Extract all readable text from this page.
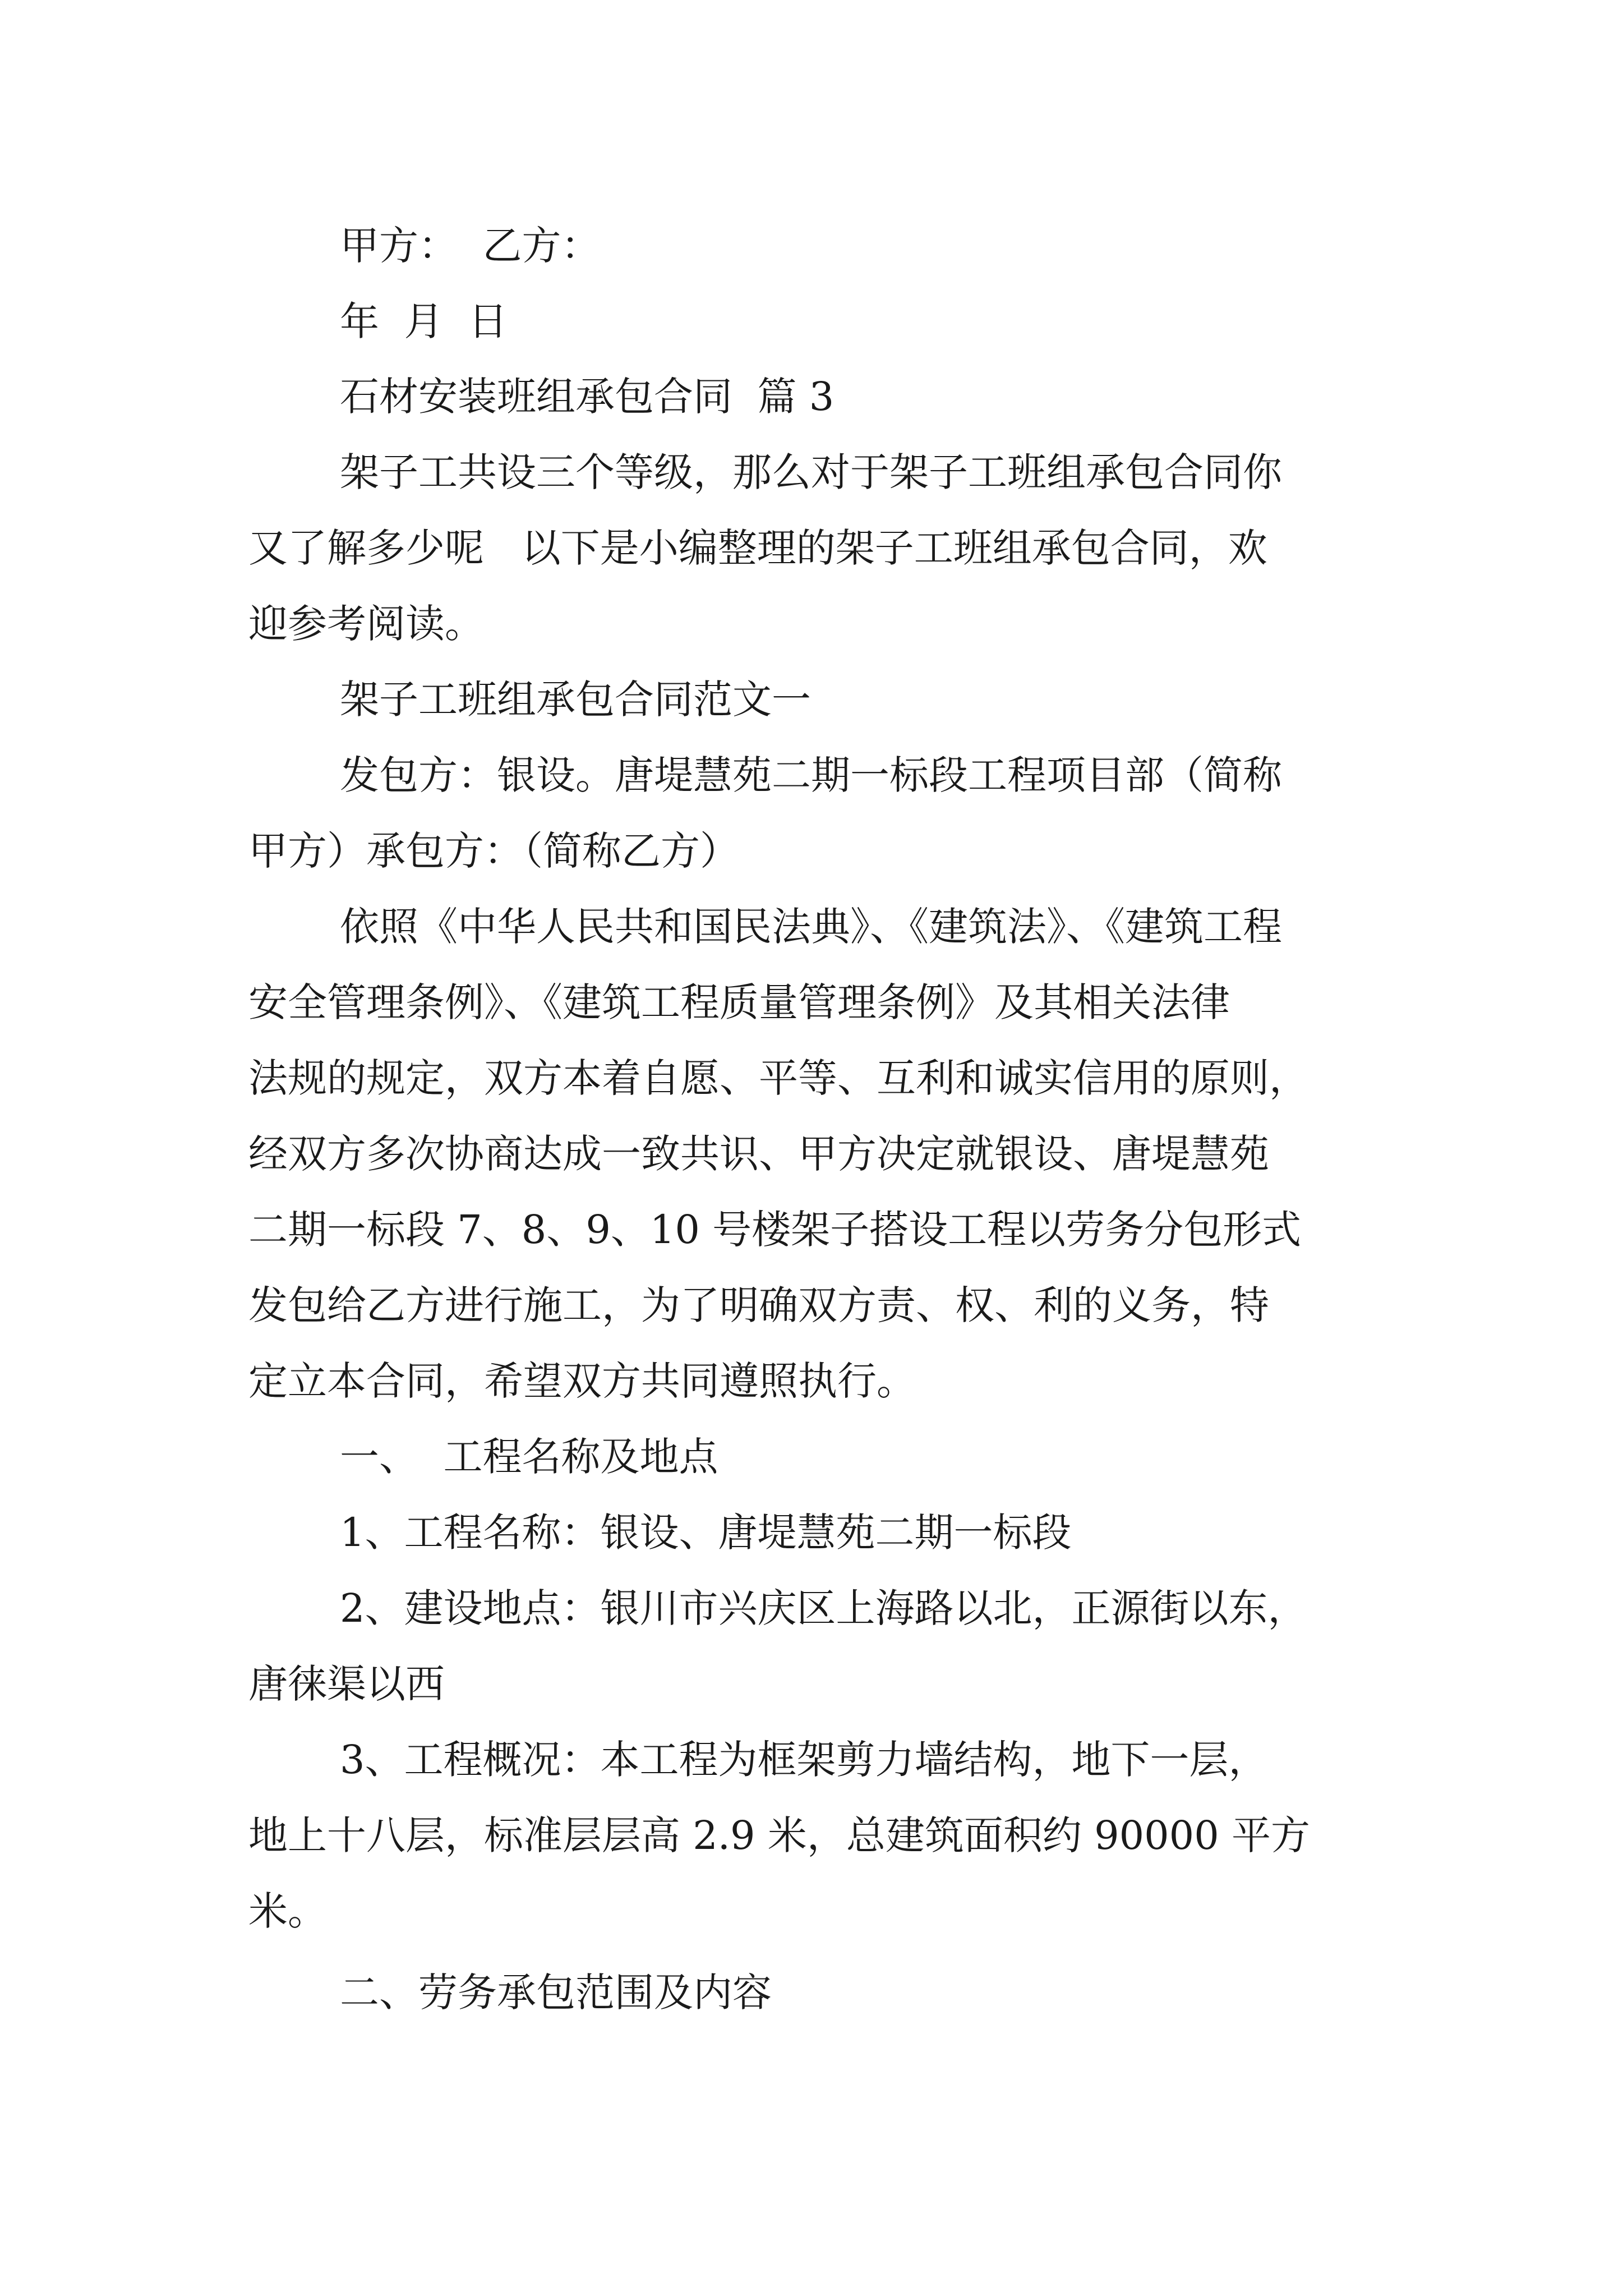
甲方：  乙方：
年  月  日
石材安装班组承包合同  篇 3
架子工共设三个等级，那么对于架子工班组承包合同你
又了解多少呢   以下是小编整理的架子工班组承包合同，欢
迎参考阅读。
架子工班组承包合同范文一
发包方：银设。唐堤慧苑二期一标段工程项目部（简称
甲方）承包方：（简称乙方）
依照《中华人民共和国民法典》、《建筑法》、《建筑工程
安全管理条例》、《建筑工程质量管理条例》及其相关法律
法规的规定，双方本着自愿、平等、互利和诚实信用的原则，
经双方多次协商达成一致共识、甲方决定就银设、唐堤慧苑
二期一标段 7、8、9、10 号楼架子搭设工程以劳务分包形式
发包给乙方进行施工，为了明确双方责、权、利的义务，特
定立本合同，希望双方共同遵照执行。
一、  工程名称及地点
1、工程名称：银设、唐堤慧苑二期一标段
2、建设地点：银川市兴庆区上海路以北，正源街以东，
唐徕渠以西
3、工程概况：本工程为框架剪力墙结构，地下一层，
地上十八层，标准层层高 2.9 米，总建筑面积约 90000 平方
米。
二、劳务承包范围及内容
